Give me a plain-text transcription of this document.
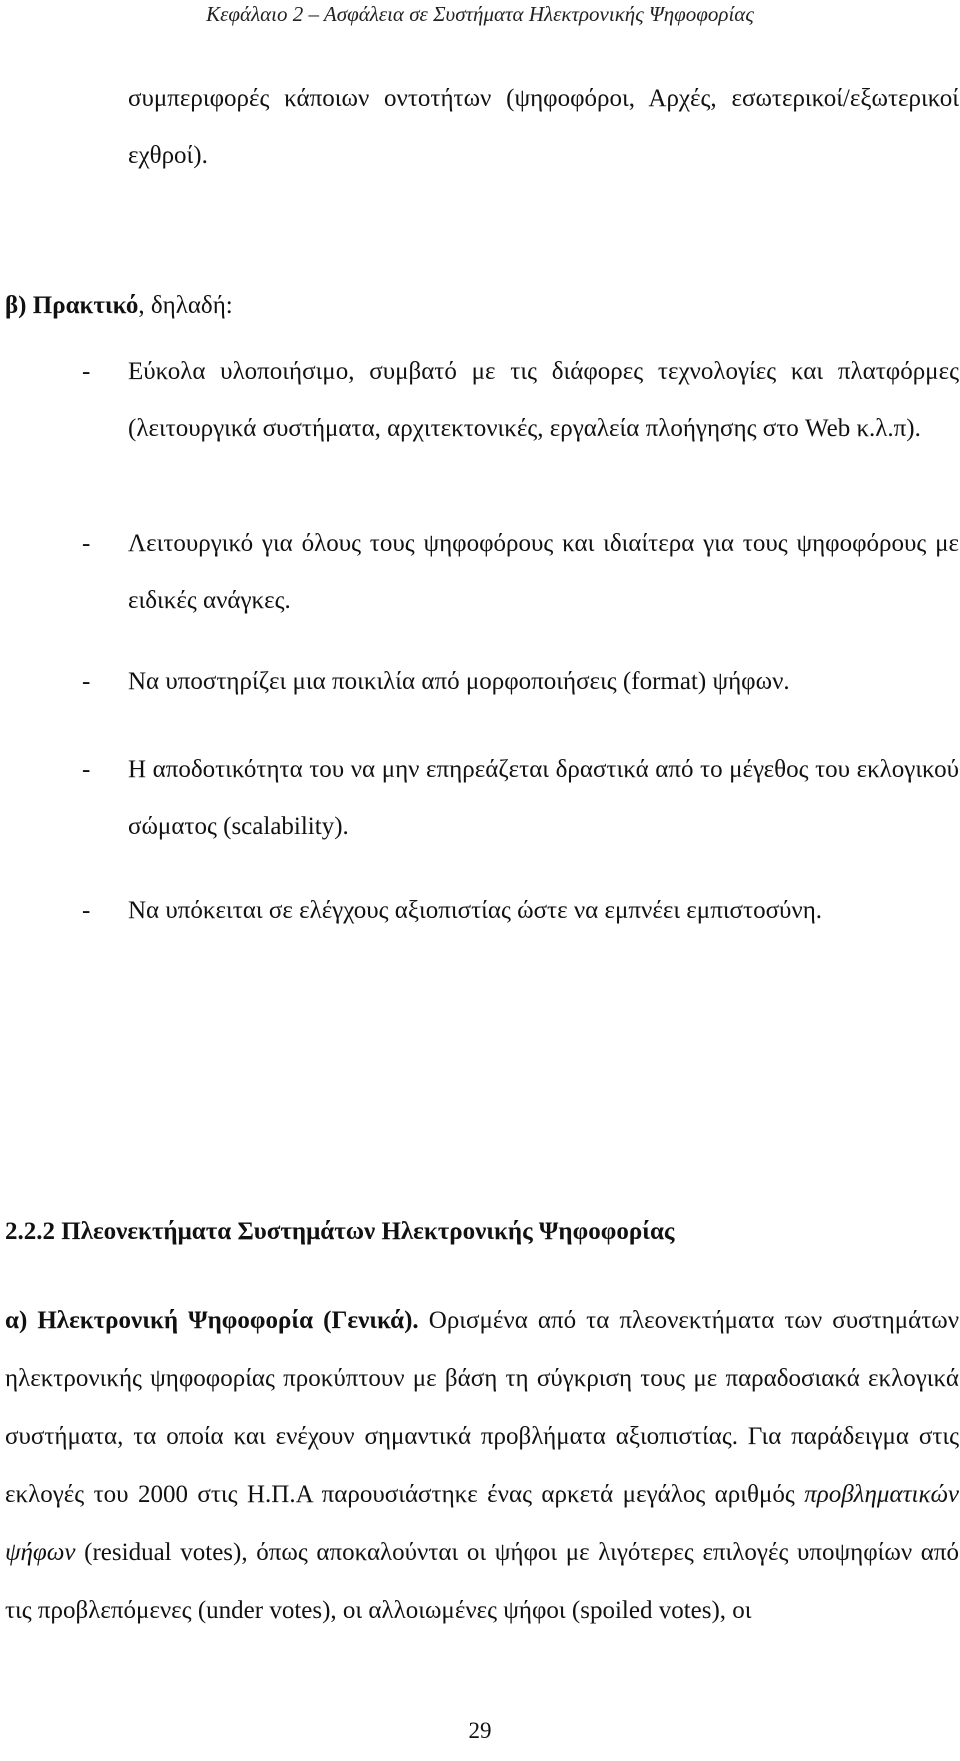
Κεφάλαιο 2 – Ασφάλεια σε Συστήματα Ηλεκτρονικής Ψηφοφορίας
συμπεριφορές κάποιων οντοτήτων (ψηφοφόροι, Αρχές, εσωτερικοί/εξωτερικοί εχθροί).
β) Πρακτικό, δηλαδή:
- Εύκολα υλοποιήσιμο, συμβατό με τις διάφορες τεχνολογίες και πλατφόρμες (λειτουργικά συστήματα, αρχιτεκτονικές, εργαλεία πλοήγησης στο Web κ.λ.π).
- Λειτουργικό για όλους τους ψηφοφόρους και ιδιαίτερα για τους ψηφοφόρους με ειδικές ανάγκες.
- Να υποστηρίζει μια ποικιλία από μορφοποιήσεις (format) ψήφων.
- Η αποδοτικότητα του να μην επηρεάζεται δραστικά από το μέγεθος του εκλογικού σώματος (scalability).
- Να υπόκειται σε ελέγχους αξιοπιστίας ώστε να εμπνέει εμπιστοσύνη.
2.2.2 Πλεονεκτήματα Συστημάτων Ηλεκτρονικής Ψηφοφορίας
α) Ηλεκτρονική Ψηφοφορία (Γενικά). Ορισμένα από τα πλεονεκτήματα των συστημάτων ηλεκτρονικής ψηφοφορίας προκύπτουν με βάση τη σύγκριση τους με παραδοσιακά εκλογικά συστήματα, τα οποία και ενέχουν σημαντικά προβλήματα αξιοπιστίας. Για παράδειγμα στις εκλογές του 2000 στις Η.Π.Α παρουσιάστηκε ένας αρκετά μεγάλος αριθμός προβληματικών ψήφων (residual votes), όπως αποκαλούνται οι ψήφοι με λιγότερες επιλογές υποψηφίων από τις προβλεπόμενες (under votes), οι αλλοιωμένες ψήφοι (spoiled votes), οι
29
